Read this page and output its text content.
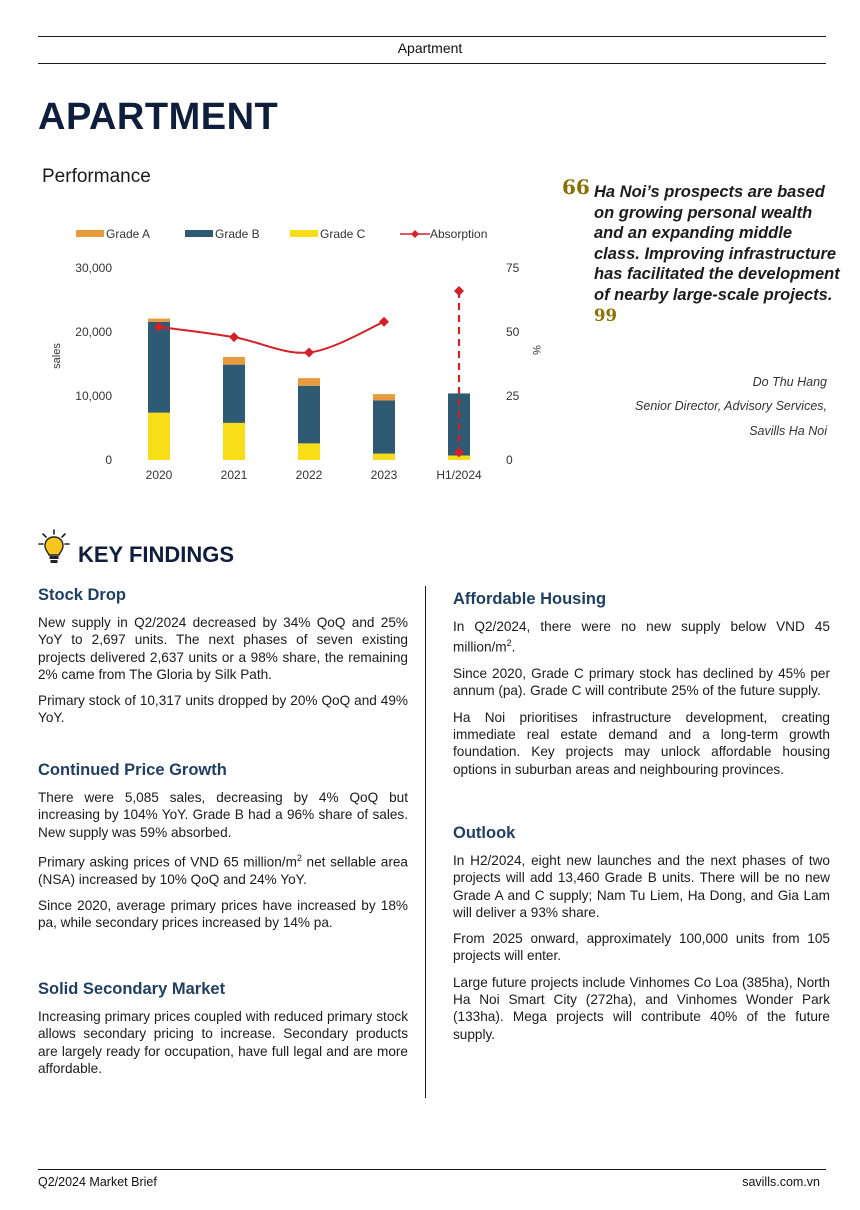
Apartment
APARTMENT
Performance
Grade A	Grade B	Grade C	Absorption
sales	%
0
10,000
20,000
30,000
0
25
50
75
2020	2021	2022	2023	H1/2024
66 Ha Noi’s prospects are based on growing personal wealth and an expanding middle class. Improving infrastructure has facilitated the development of nearby large-scale projects. 99
Do Thu Hang
Senior Director, Advisory Services,
Savills Ha Noi
KEY FINDINGS
Stock Drop

New supply in Q2/2024 decreased by 34% QoQ and 25% YoY to 2,697 units. The next phases of seven existing projects delivered 2,637 units or a 98% share, the remaining 2% came from The Gloria by Silk Path.

Primary stock of 10,317 units dropped by 20% QoQ and 49% YoY.

Continued Price Growth

There were 5,085 sales, decreasing by 4% QoQ but increasing by 104% YoY. Grade B had a 96% share of sales. New supply was 59% absorbed.

Primary asking prices of VND 65 million/$m^2$ net sellable area (NSA) increased by 10% QoQ and 24% YoY.

Since 2020, average primary prices have increased by 18% pa, while secondary prices increased by 14% pa.

Solid Secondary Market

Increasing primary prices coupled with reduced primary stock allows secondary pricing to increase. Secondary products are largely ready for occupation, have full legal and are more affordable.

Affordable Housing

In Q2/2024, there were no new supply below VND 45 million/$m^2$.

Since 2020, Grade C primary stock has declined by 45% per annum (pa). Grade C will contribute 25% of the future supply.

Ha Noi prioritises infrastructure development, creating immediate real estate demand and a long-term growth foundation. Key projects may unlock affordable housing options in suburban areas and neighbouring provinces.

Outlook

In H2/2024, eight new launches and the next phases of two projects will add 13,460 Grade B units. There will be no new Grade A and C supply; Nam Tu Liem, Ha Dong, and Gia Lam will deliver a 93% share.

From 2025 onward, approximately 100,000 units from 105 projects will enter.

Large future projects include Vinhomes Co Loa (385ha), North Ha Noi Smart City (272ha), and Vinhomes Wonder Park (133ha). Mega projects will contribute 40% of the future supply.

Q2/2024 Market Brief	savills.com.vn
